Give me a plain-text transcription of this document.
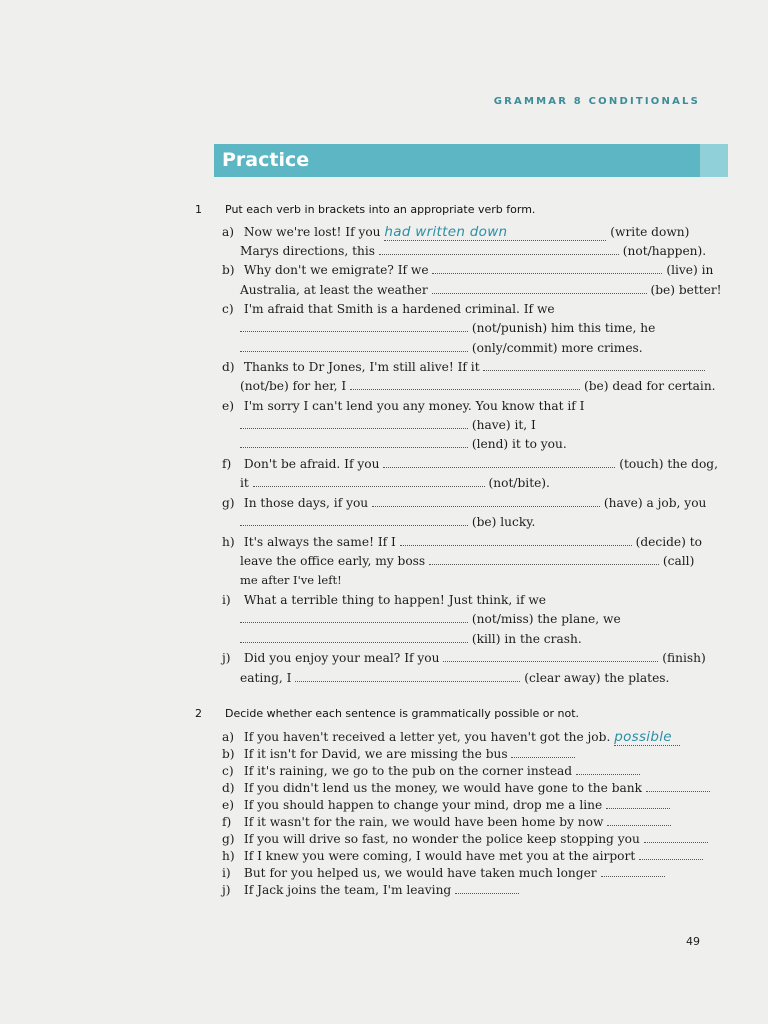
GRAMMAR 8 CONDITIONALS
Practice
1 Put each verb in brackets into an appropriate verb form.
a) Now we're lost! If you had written down	(write down)
Marys directions, this	(not/happen).
b) Why don't we emigrate? If we	(live) in
Australia, at least the weather	(be) better!
c) I'm afraid that Smith is a hardened criminal. If we
(not/punish) him this time, he
(only/commit) more crimes.
d) Thanks to Dr Jones, I'm still alive! If it
(not/be) for her, I	(be) dead for certain.
e) I'm sorry I can't lend you any money. You know that if I
(have) it, I
(lend) it to you.
f) Don't be afraid. If you	(touch) the dog,
it	(not/bite).
g) In those days, if you	(have) a job, you
(be) lucky.
h) It's always the same! If I	(decide) to
leave the office early, my boss	(call)
me after I've left!
i) What a terrible thing to happen! Just think, if we
(not/miss) the plane, we
(kill) in the crash.
j) Did you enjoy your meal? If you	(finish)
eating, I	(clear away) the plates.
2 Decide whether each sentence is grammatically possible or not.
a) If you haven't received a letter yet, you haven't got the job. possible
b) If it isn't for David, we are missing the bus
c) If it's raining, we go to the pub on the corner instead
d) If you didn't lend us the money, we would have gone to the bank
e) If you should happen to change your mind, drop me a line
f) If it wasn't for the rain, we would have been home by now
g) If you will drive so fast, no wonder the police keep stopping you
h) If I knew you were coming, I would have met you at the airport
i) But for you helped us, we would have taken much longer
j) If Jack joins the team, I'm leaving
49
